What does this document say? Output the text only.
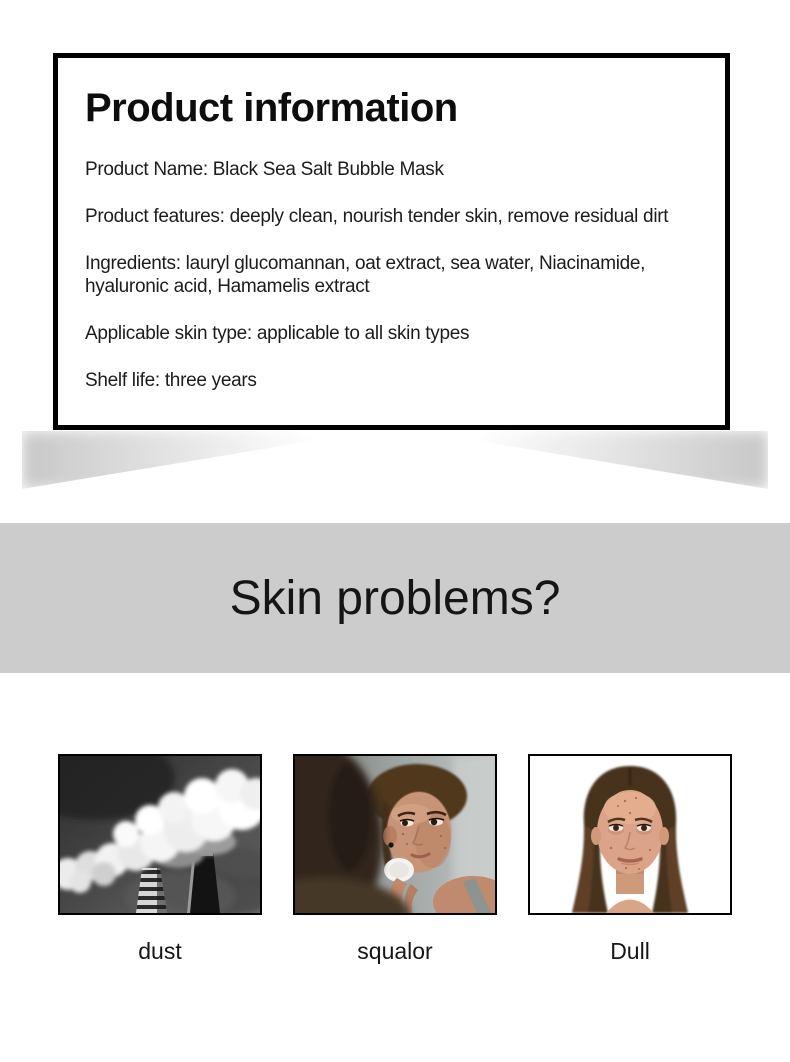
Product information

Product Name: Black Sea Salt Bubble Mask

Product features: deeply clean, nourish tender skin, remove residual dirt

Ingredients: lauryl glucomannan, oat extract, sea water, Niacinamide, hyaluronic acid, Hamamelis extract

Applicable skin type: applicable to all skin types

Shelf life: three years

Skin problems?
dust	squalor	Dull
